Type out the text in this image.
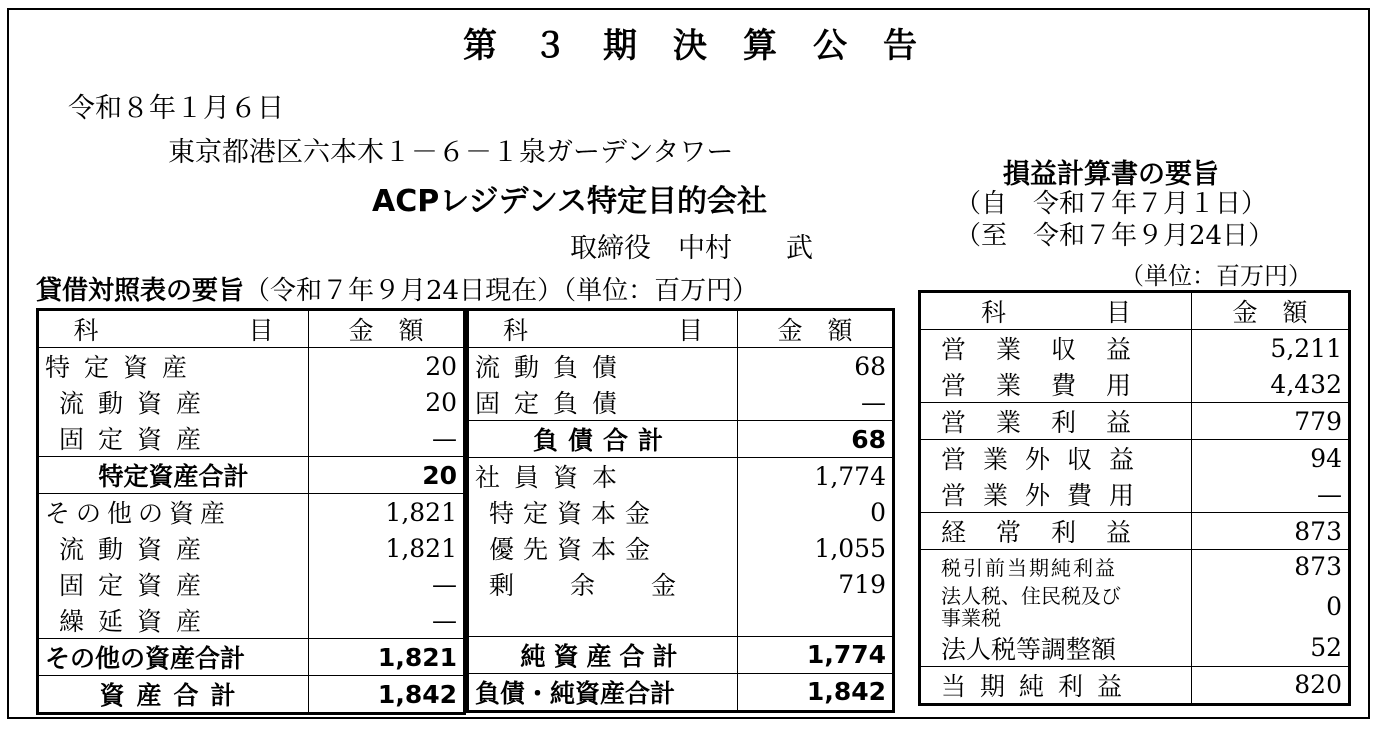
第　３　期　決　算　公　告
令和８年１月６日
東京都港区六本木１－６－１泉ガーデンタワー
ACPレジデンス特定目的会社
取締役　中村　　武
貸借対照表の要旨（令和７年９月24日現在）（単位：百万円）
科　　　　　　目	金　額
特定資産	20
流動資産	20
固定資産	—
特定資産合計	20
その他の資産	1,821
流動資産	1,821
固定資産	—
繰延資産	—
その他の資産合計	1,821
資産合計	1,842
科　　　　　　目	金　額
流動負債	68
固定負債	—
負債合計	68
社員資本	1,774
特定資本金	0
優先資本金	1,055
剰余金	719

純資産合計	1,774
負債・純資産合計	1,842
損益計算書の要旨
（自　令和７年７月１日）
（至　令和７年９月24日）
（単位：百万円）
科　　　　目	金　額
営業収益	5,211
営業費用	4,432
営業利益	779
営業外収益	94
営業外費用	—
経常利益	873
税引前当期純利益	873
法人税、住民税及び事業税	0
法人税等調整額	52
当期純利益	820
